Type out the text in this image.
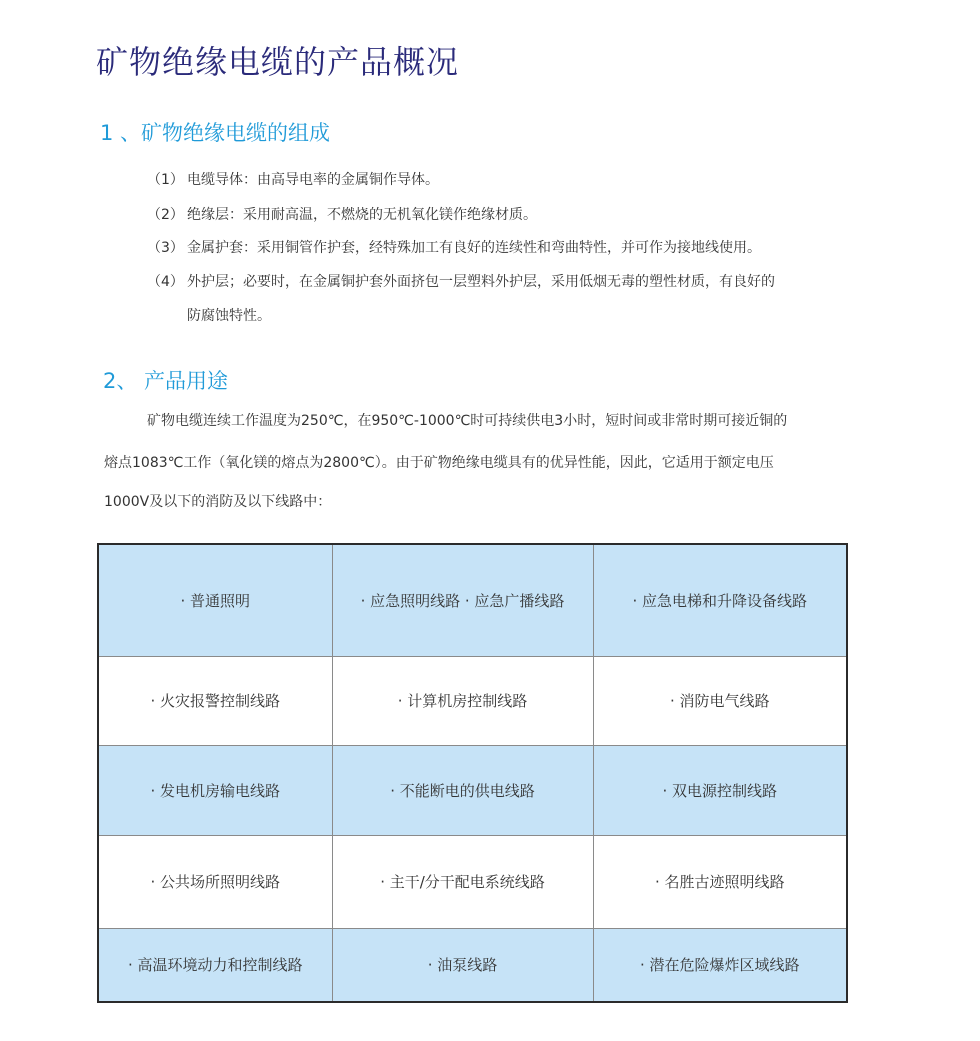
矿物绝缘电缆的产品概况
1 、矿物绝缘电缆的组成
（1） 电缆导体：由高导电率的金属铜作导体。
（2） 绝缘层：采用耐高温，不燃烧的无机氧化镁作绝缘材质。
（3） 金属护套：采用铜管作护套，经特殊加工有良好的连续性和弯曲特性，并可作为接地线使用。
（4） 外护层；必要时，在金属铜护套外面挤包一层塑料外护层，采用低烟无毒的塑性材质，有良好的
防腐蚀特性。
2、 产品用途
矿物电缆连续工作温度为250℃，在950℃-1000℃时可持续供电3小时，短时间或非常时期可接近铜的
熔点1083℃工作（氧化镁的熔点为2800℃）。由于矿物绝缘电缆具有的优异性能，因此，它适用于额定电压
1000V及以下的消防及以下线路中：
· 普通照明	· 应急照明线路 · 应急广播线路	· 应急电梯和升降设备线路
· 火灾报警控制线路	· 计算机房控制线路	· 消防电气线路
· 发电机房输电线路	· 不能断电的供电线路	· 双电源控制线路
· 公共场所照明线路	· 主干/分干配电系统线路	· 名胜古迹照明线路
· 高温环境动力和控制线路	· 油泵线路	· 潜在危险爆炸区域线路
